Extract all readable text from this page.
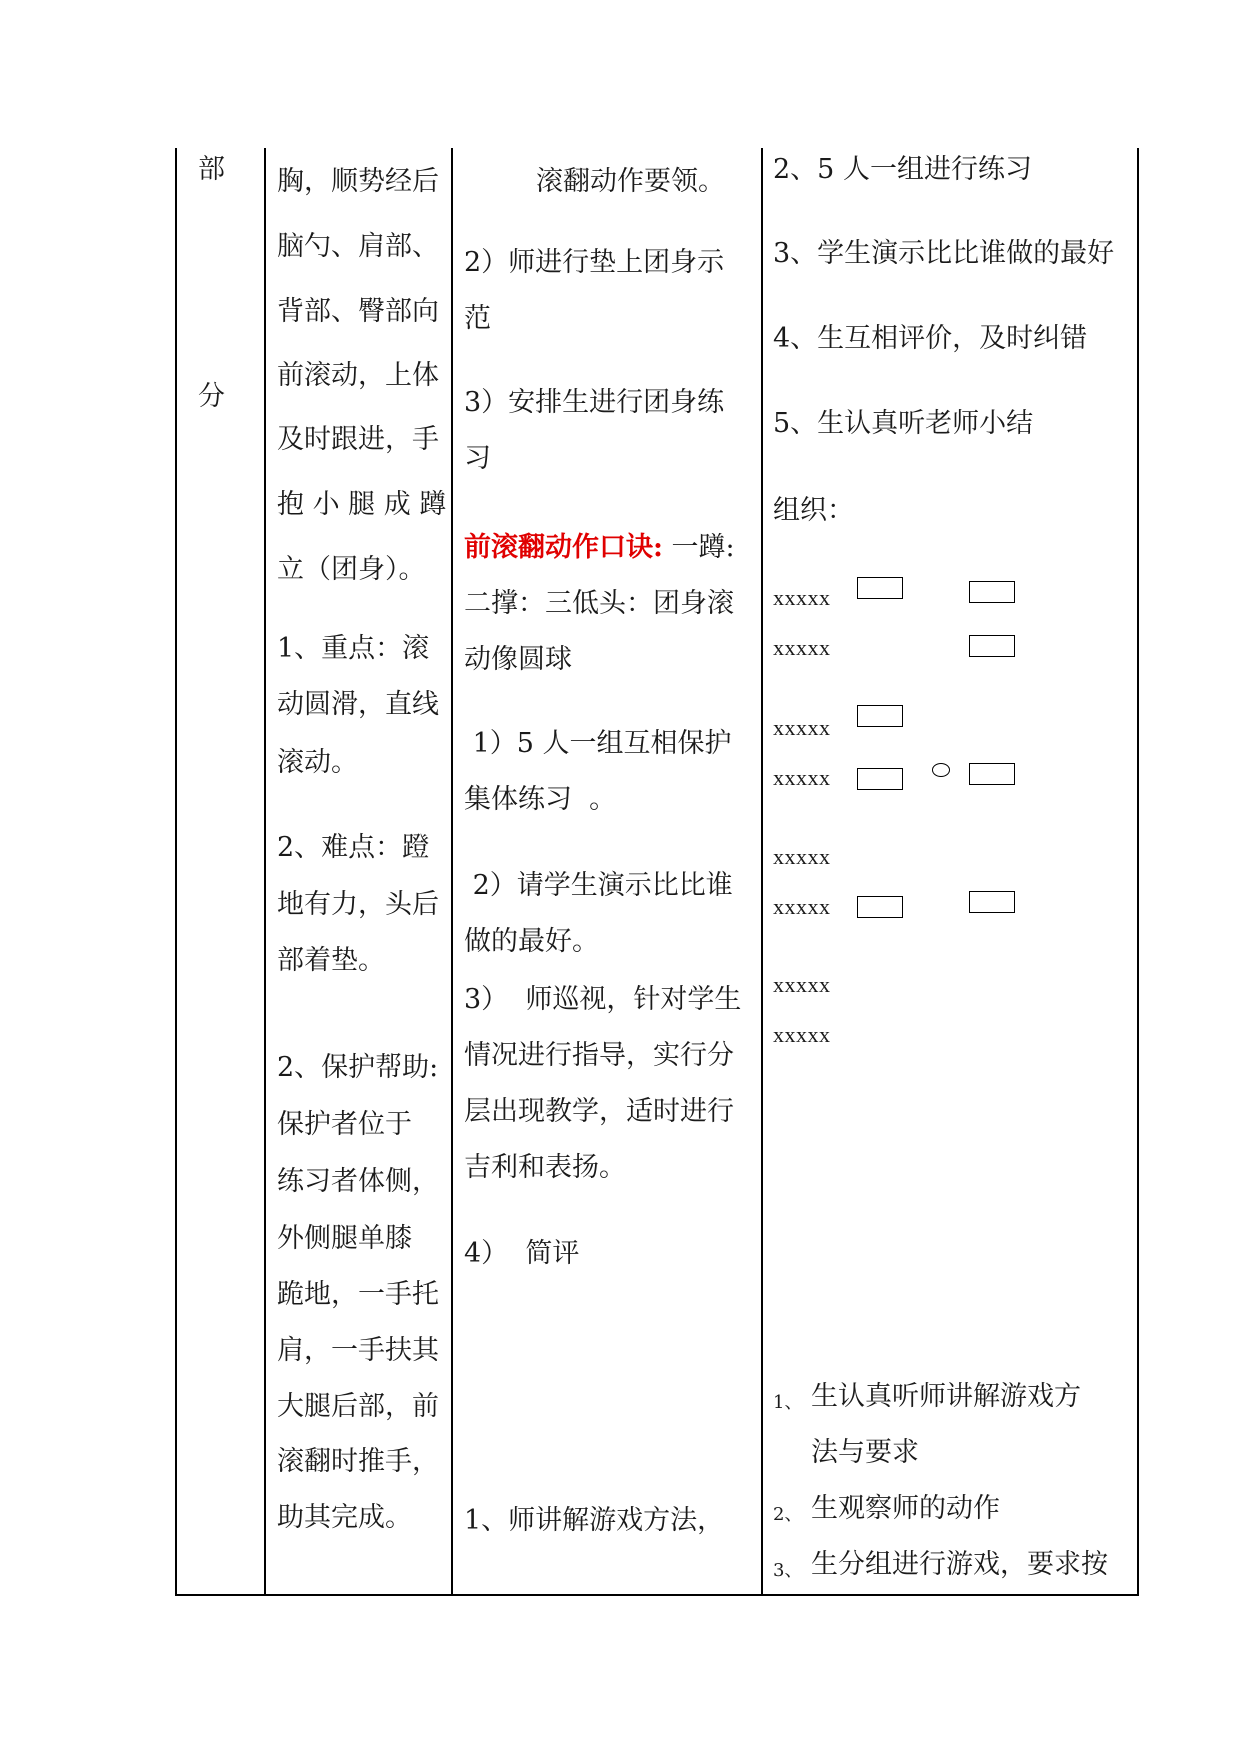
部
分
胸，顺势经后
脑勺、肩部、
背部、臀部向
前滚动，上体
及时跟进，手
抱 小 腿 成 蹲
立（团身）。
1、重点：滚
动圆滑，直线
滚动。
2、难点：蹬
地有力，头后
部着垫。
2、保护帮助:
保护者位于
练习者体侧，
外侧腿单膝
跪地，一手托
肩，一手扶其
大腿后部，前
滚翻时推手，
助其完成。
滚翻动作要领。
2）师进行垫上团身示
范
3）安排生进行团身练
习
前滚翻动作口诀: 一蹲:
二撑：三低头：团身滚
动像圆球
1）5 人一组互相保护
集体练习  。
2）请学生演示比比谁
做的最好。
3）  师巡视，针对学生
情况进行指导，实行分
层出现教学，适时进行
吉利和表扬。
4）  简评
1、师讲解游戏方法，
2、5 人一组进行练习
3、学生演示比比谁做的最好
4、生互相评价，及时纠错
5、生认真听老师小结
组织：
xxxxx
xxxxx
xxxxx
xxxxx
xxxxx
xxxxx
xxxxx
xxxxx
1、 生认真听师讲解游戏方
法与要求
2、 生观察师的动作
3、 生分组进行游戏，要求按
